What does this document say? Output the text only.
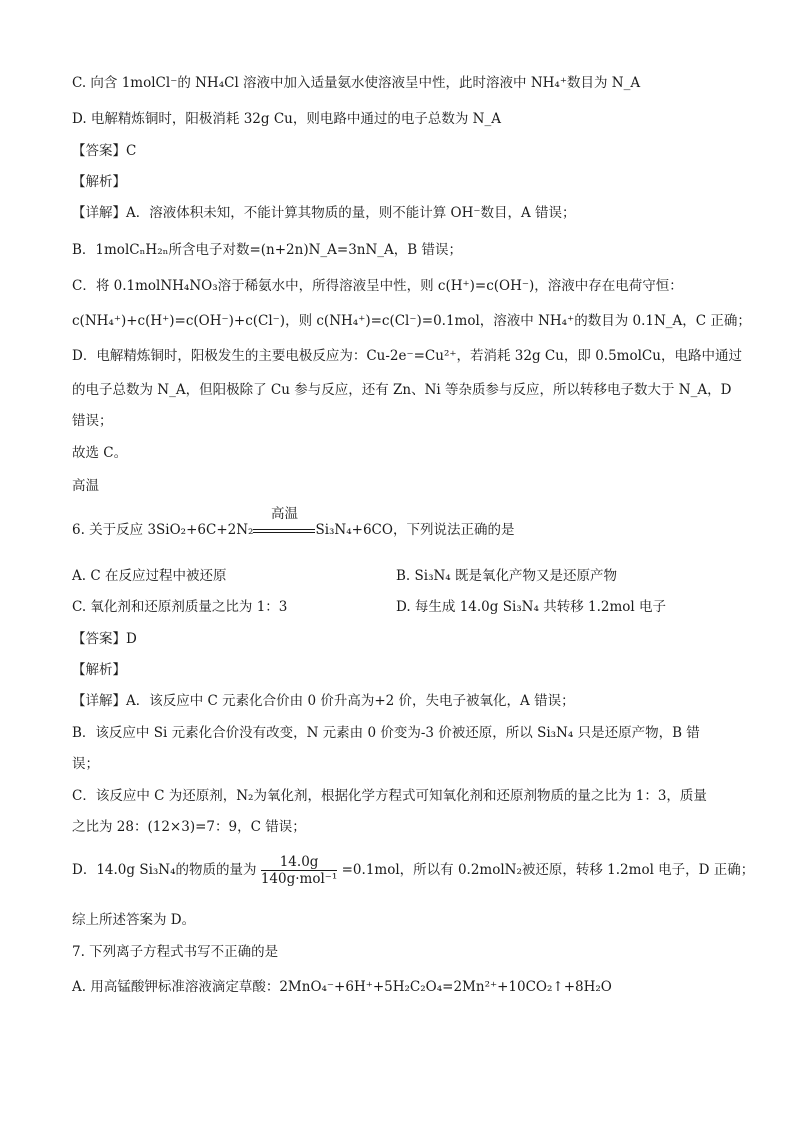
C. 向含 1molCl⁻的 NH₄Cl 溶液中加入适量氨水使溶液呈中性，此时溶液中 NH₄⁺数目为 N_A
D. 电解精炼铜时，阳极消耗 32g Cu，则电路中通过的电子总数为 N_A
【答案】C
【解析】
【详解】A．溶液体积未知，不能计算其物质的量，则不能计算 OH⁻数目，A 错误；
B．1molCₙH₂ₙ所含电子对数=(n+2n)N_A=3nN_A，B 错误；
C．将 0.1molNH₄NO₃溶于稀氨水中，所得溶液呈中性，则 c(H⁺)=c(OH⁻)，溶液中存在电荷守恒：
c(NH₄⁺)+c(H⁺)=c(OH⁻)+c(Cl⁻)，则 c(NH₄⁺)=c(Cl⁻)=0.1mol，溶液中 NH₄⁺的数目为 0.1N_A，C 正确；
D．电解精炼铜时，阳极发生的主要电极反应为：Cu-2e⁻=Cu²⁺，若消耗 32g Cu，即 0.5molCu，电路中通过
的电子总数为 N_A，但阳极除了 Cu 参与反应，还有 Zn、Ni 等杂质参与反应，所以转移电子数大于 N_A，D
错误；
故选 C。
高温
6. 关于反应 3SiO₂+6C+2N₂
高温
Si₃N₄+6CO，下列说法正确的是
A. C 在反应过程中被还原	B. Si₃N₄ 既是氧化产物又是还原产物
C. 氧化剂和还原剂质量之比为 1：3	D. 每生成 14.0g Si₃N₄ 共转移 1.2mol 电子
【答案】D
【解析】
【详解】A．该反应中 C 元素化合价由 0 价升高为+2 价，失电子被氧化，A 错误；
B．该反应中 Si 元素化合价没有改变，N 元素由 0 价变为-3 价被还原，所以 Si₃N₄ 只是还原产物，B 错
误；
C．该反应中 C 为还原剂，N₂为氧化剂，根据化学方程式可知氧化剂和还原剂物质的量之比为 1：3，质量
之比为 28：(12×3)=7：9，C 错误；
D．14.0g Si₃N₄的物质的量为 $\frac{14.0g}{\text{140g·mol⁻¹}} =0.1mol$，所以有 0.2molN₂被还原，转移 1.2mol 电子，D 正确；
综上所述答案为 D。
7. 下列离子方程式书写不正确的是
A. 用高锰酸钾标准溶液滴定草酸：2MnO₄⁻+6H⁺+5H₂C₂O₄=2Mn²⁺+10CO₂↑+8H₂O
